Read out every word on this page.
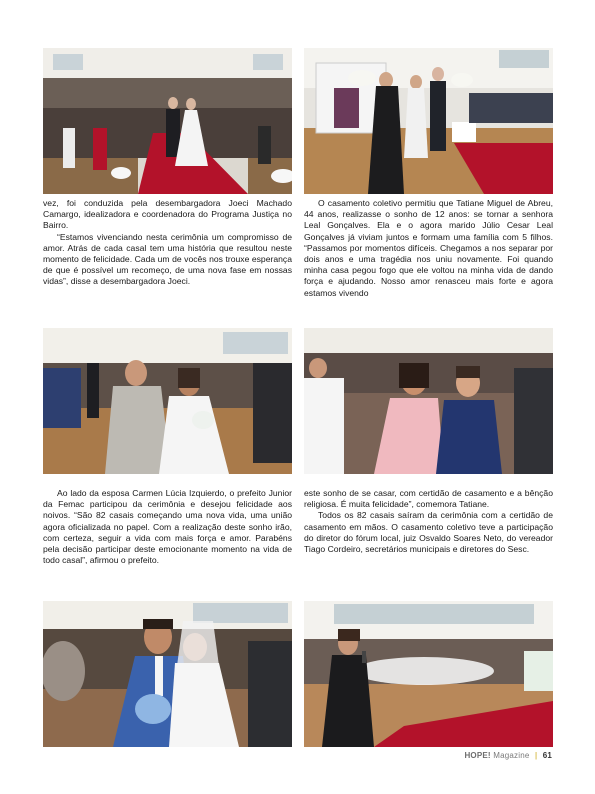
vez, foi conduzida pela desembargadora Joeci Machado Camargo, idealizadora e coordenadora do Programa Justiça no Bairro.

“Estamos vivenciando nesta cerimônia um compromisso de amor. Atrás de cada casal tem uma história que resultou neste momento de felicidade. Cada um de vocês nos trouxe esperança de que é possível um recomeço, de uma nova fase em nossas vidas”, disse a desembargadora Joeci.

O casamento coletivo permitiu que Tatiane Miguel de Abreu, 44 anos, realizasse o sonho de 12 anos: se tornar a senhora Leal Gonçalves. Ela e o agora marido Júlio Cesar Leal Gonçalves já viviam juntos e formam uma família com 5 filhos. “Passamos por momentos difíceis. Chegamos a nos separar por dois anos e uma tragédia nos uniu novamente. Foi quando minha casa pegou fogo que ele voltou na minha vida de dando força e ajudando. Nosso amor renasceu mais forte e agora estamos vivendo

Ao lado da esposa Carmen Lúcia Izquierdo, o prefeito Junior da Femac participou da cerimônia e desejou felicidade aos noivos. “São 82 casais começando uma nova vida, uma união agora oficializada no papel. Com a realização deste sonho irão, com certeza, seguir a vida com mais força e amor. Parabéns pela decisão participar deste emocionante momento na vida de todo casal”, afirmou o prefeito.

este sonho de se casar, com certidão de casamento e a bênção religiosa. É muita felicidade”, comemora Tatiane.

Todos os 82 casais saíram da cerimônia com a certidão de casamento em mãos. O casamento coletivo teve a participação do diretor do fórum local, juiz Osvaldo Soares Neto, do vereador Tiago Cordeiro, secretários municipais e diretores do Sesc.

HOPE! Magazine | 61
